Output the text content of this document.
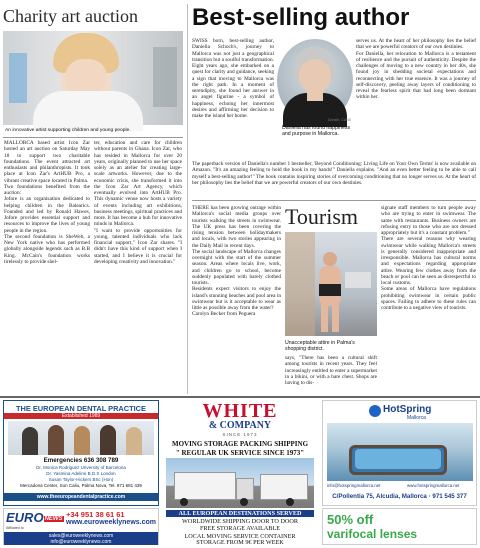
Charity art auction
An innovative artist supporting children and young people.

MALLORCA based artist Icon Zar hosted an art auction on Saturday May 18 to support two charitable foundations. The event attracted art enthusiasts and philanthropists. It took place at Icon Zar's ArtHUB Pro, a vibrant creative space located in Palma.

Two foundations benefited from the auction:

Jofore is an organisation dedicated to helping children in the Balearics. Founded and led by Ronald Hawes, Jofore provides essential support and resources to improve the lives of young people in the region.

The second foundation is SheWeb, a New York native who has performed globally alongside legends such as B.B King. McCain's foundation works tirelessly to provide shel-

ter, education and care for children without parents in Ghana. Icon Zar, who has resided in Mallorca for over 20 years, originally planned to use her space solely as an atelier for creating large-scale artworks. However, due to the economic crisis, she transformed it into the Icon Zar Art Agency, which eventually evolved into ArtHUB Pro. This dynamic venue now hosts a variety of events including art exhibitions, business meetings, spiritual practices and more. It has become a hub for innovative minds in Mallorca.

"I want to provide opportunities for young, talented individuals who lack financial support," Icon Zar shares. "I didn't have this kind of support when I started, and I believe it is crucial for developing creativity and innovation."

Best-selling author

SWISS born, best-selling author, Daniella Schoch's, journey to Mallorca was not just a geographical transition but a soulful transformation. Eight years ago, she embarked on a quest for clarity and guidance, seeking a sign that moving to Mallorca was the right path. In a moment of serendipity, she found her answer in an angel figurine - a symbol of happiness, echoing her innermost desires and affirming her decision to make the island her home.

Donath, CANS
Daniella has found happiness and purpose in Mallorca.

serves us. At the heart of her philosophy lies the belief that we are powerful creators of our own destinies.

For Daniella, her relocation to Mallorca is a testament of resilience and the pursuit of authenticity. Despite the challenges of moving to a new country in her 40s, she found joy in shedding societal expectations and reconnecting with her true essence. It was a journey of self-discovery, peeling away layers of conditioning to reveal the fearless spirit that had long been dormant within her.

The paperback version of Daniella's number 1 bestseller, 'Beyond Conditioning: Living Life on Your Own Terms' is now available on Amazon. "It's an amazing feeling to hold the book in my hands!" Daniella explains. "And an even better feeling to be able to call myself a best-selling author!" The book contains inspiring stories of overcoming conditioning that no longer serves us. At the heart of her philosophy lies the belief that we are powerful creators of our own destinies.

THERE has been growing outrage within Mallorca's social media groups over tourists walking the streets in swimwear. The UK press has been covering the rising tension between holidaymakers and locals, with two stories appearing in the Daily Mail in recent days.

The social landscape of Mallorca changes overnight with the start of the summer season. Areas where locals live, work, and children go to school, become suddenly populated with barely clothed tourists.

Residents expect visitors to enjoy the island's stunning beaches and pool area in swimwear but is it acceptable to wear as little as possible away from the water?

Carolyn Becker from Peguera

Tourism
Unacceptable attire in Palma's shopping district.

says, "There has been a cultural shift among tourists in recent years. They feel increasingly entitled to enter a supermarket in a bikini, or with a bare chest. Shops are having to dis-

signate staff members to turn people away who are trying to enter in swimwear. The same with restaurants. Business owners are refusing entry to those who are not dressed appropriately but it's a constant problem."

There are several reasons why wearing swimwear while walking Mallorca's streets is generally considered inappropriate and irresponsible. Mallorca has cultural norms and expectations regarding appropriate attire. Wearing few clothes away from the beach or pool can be seen as disrespectful to local customs.

Some areas of Mallorca have regulations prohibiting swimwear in certain public spaces. Failing to adhere to these rules can contribute to a negative view of tourists.

THE EUROPEAN DENTAL PRACTICE
Established 1989
Emergencies 636 308 789
Dr. Monica Rodriguez Unversity of Barcelona
Dr. Yasmina Adeline B.D.S London
Susan Taylor-Hickers BSc (Hon)
Mercadona Center, Son Caliu, Palma Nova, Tel. 971 681 439
www.theeuropeandentalpractice.com
WHITE
& COMPANY
SINCE 1973
MOVING STORAGE PACKING SHIPPING
" REGULAR UK SERVICE SINCE 1973"
ALL EUROPEAN DESTINATIONS SERVED
WORLDWIDE SHIPPING DOOR TO DOOR
FREE STORAGE AVAILABLE
LOCAL MOVING SERVICE CONTAINER
STORAGE FROM 9€ PER WEEK
HotSpring
Mallorca
info@hotspringmallorca.net	www.hotspringmallorca.net
C/Pollentia 75, Alcudia, Mallorca · 971 545 377
EURONEWS +34 951 38 61 61
www.euroweeklynews.com
Affiliated to
sales@euroweeklynews.com
info@euroweeklynews.com
50% off
varifocal lenses
